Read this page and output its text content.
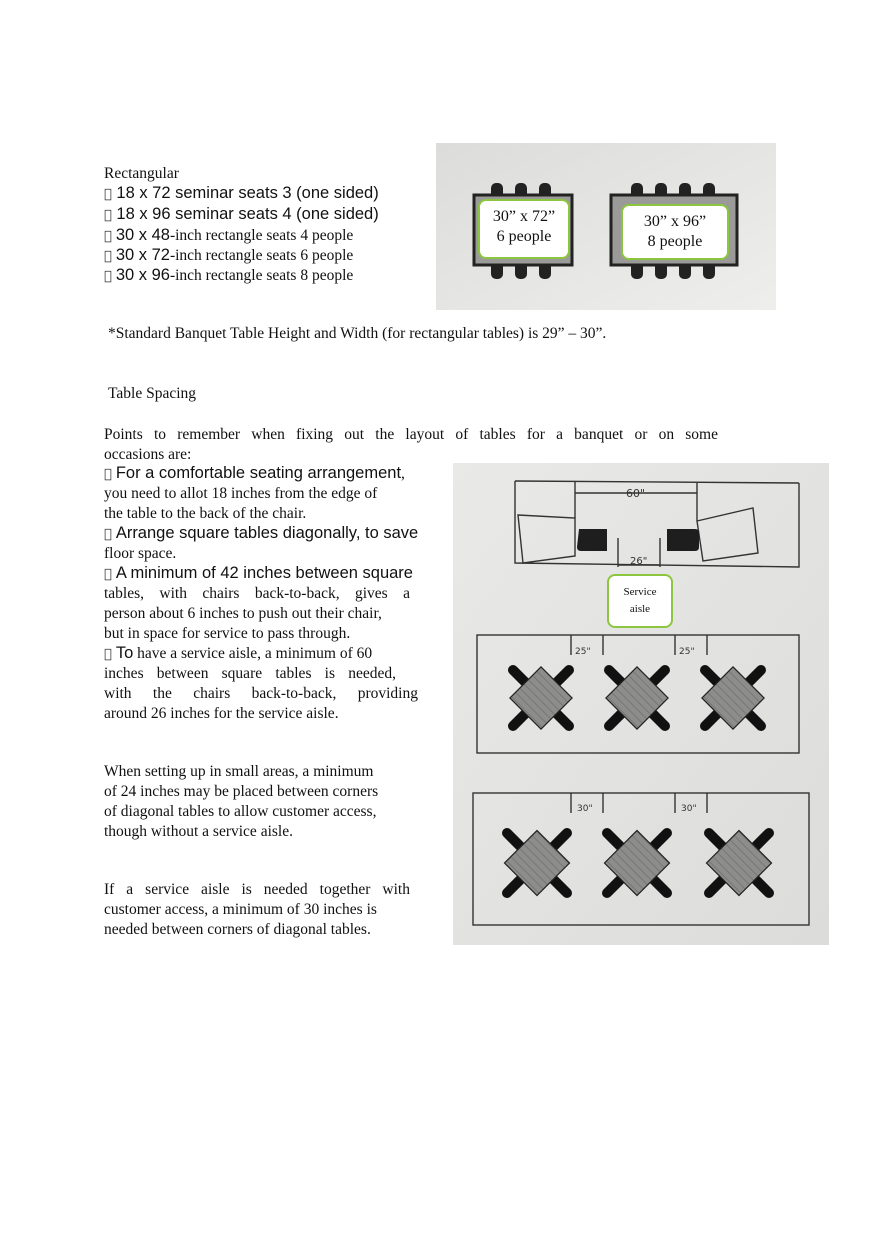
Rectangular
18 x 72 seminar seats 3 (one sided)
18 x 96 seminar seats 4 (one sided)
30 x 48-inch rectangle seats 4 people
30 x 72-inch rectangle seats 6 people
30 x 96-inch rectangle seats 8 people
30” x 72”
6 people
30” x 96”
8 people
*Standard Banquet Table Height and Width (for rectangular tables) is 29” – 30”.
Table Spacing
Points to remember when fixing out the layout of tables for a banquet or on some
occasions are:
For a comfortable seating arrangement,
you need to allot 18 inches from the edge of
the table to the back of the chair.
Arrange square tables diagonally, to save
floor space.
A minimum of 42 inches between square
tables, with chairs back-to-back, gives a
person about 6 inches to push out their chair,
but in space for service to pass through.
To have a service aisle, a minimum of 60
inches between square tables is needed,
with the chairs back-to-back, providing
around 26 inches for the service aisle.
When setting up in small areas, a minimum
of 24 inches may be placed between corners
of diagonal tables to allow customer access,
though without a service aisle.
If a service aisle is needed together with
customer access, a minimum of 30 inches is
needed between corners of diagonal tables.
60"
26"
25"	25"
30"	30"
Service
aisle
